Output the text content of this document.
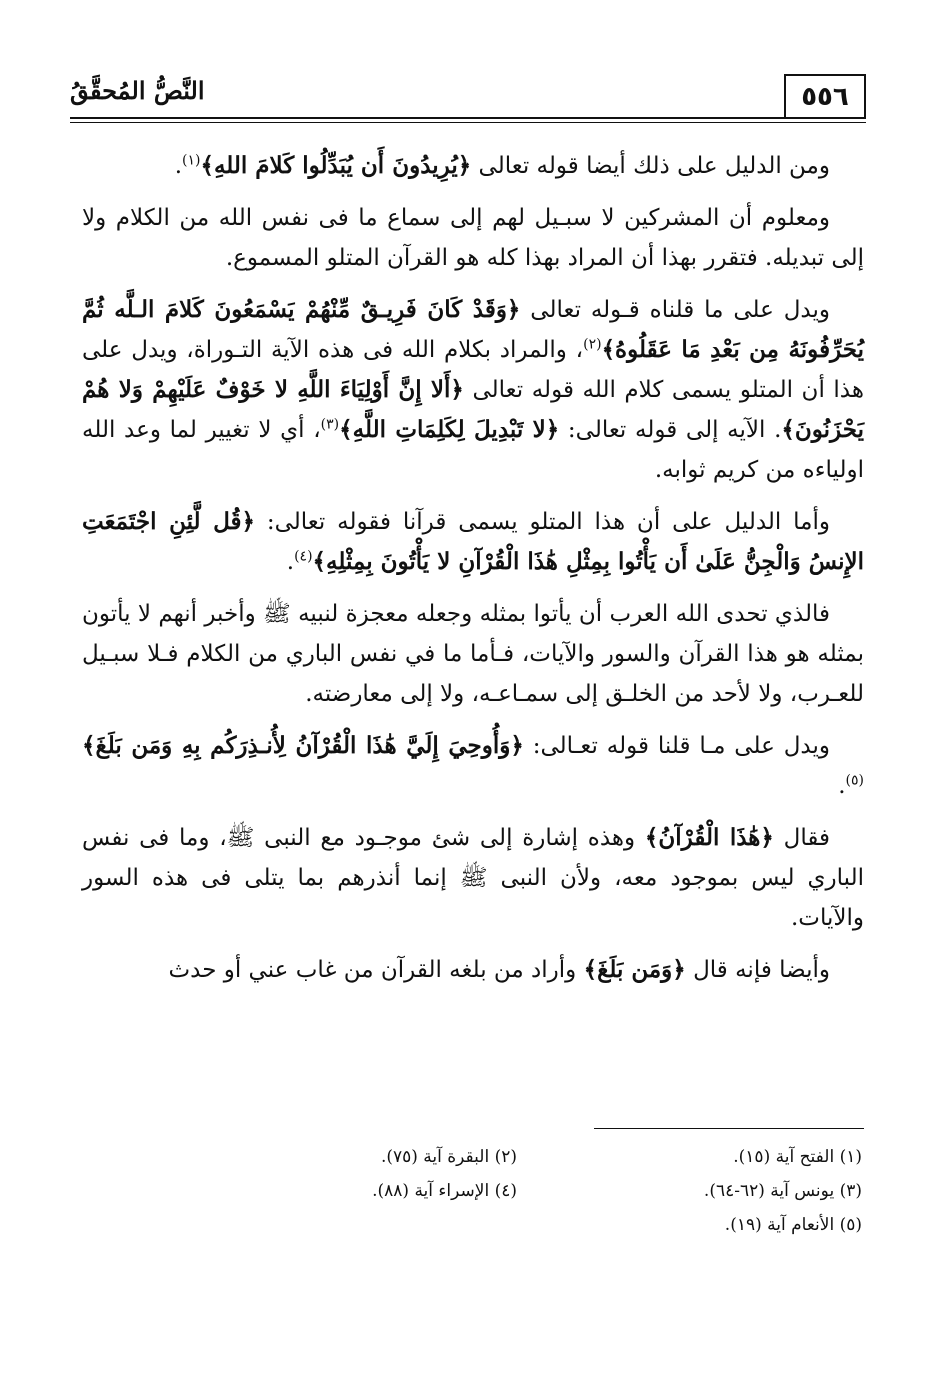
٥٥٦
النَّصُّ المُحقَّقُ

ومن الدليل على ذلك أيضا قوله تعالى ﴿يُرِيدُونَ أَن يُبَدِّلُوا كَلامَ اللهِ﴾$^{(١)}$.

ومعلوم أن المشركين لا سبـيل لهم إلى سماع ما فى نفس الله من الكلام ولا إلى تبديله. فتقرر بهذا أن المراد بهذا كله هو القرآن المتلو المسموع.

ويدل على ما قلناه قـوله تعالى ﴿وَقَدْ كَانَ فَرِيـقٌ مِّنْهُمْ يَسْمَعُونَ كَلامَ الـلَّه ثُمَّ يُحَرِّفُونَهُ مِن بَعْدِ مَا عَقَلُوهُ﴾$^{(٢)}$، والمراد بكلام الله فى هذه الآية التـوراة، ويدل على هذا أن المتلو يسمى كلام الله قوله تعالى ﴿أَلا إِنَّ أَوْلِيَاءَ اللَّهِ لا خَوْفٌ عَلَيْهِمْ وَلا هُمْ يَحْزَنُونَ﴾. الآيه إلى قوله تعالى: ﴿لا تَبْدِيلَ لِكَلِمَاتِ اللَّهِ﴾$^{(٣)}$، أي لا تغيير لما وعد الله اولياءه من كريم ثوابه.

وأما الدليل على أن هذا المتلو يسمى قرآنا فقوله تعالى: ﴿قُل لَّئِنِ اجْتَمَعَتِ الإِنسُ وَالْجِنُّ عَلَىٰ أَن يَأْتُوا بِمِثْلِ هَٰذَا الْقُرْآنِ لا يَأْتُونَ بِمِثْلِهِ﴾$^{(٤)}$.

فالذي تحدى الله العرب أن يأتوا بمثله وجعله معجزة لنبيه ﷺ وأخبر أنهم لا يأتون بمثله هو هذا القرآن والسور والآيات، فـأما ما في نفس الباري من الكلام فـلا سبـيل للعـرب، ولا لأحد من الخلـق إلى سمـاعـه، ولا إلى معارضته.

ويدل على مـا قلنا قوله تعـالى: ﴿وَأُوحِيَ إِلَيَّ هَٰذَا الْقُرْآنُ لِأُنـذِرَكُم بِهِ وَمَن بَلَغَ﴾$^{(٥)}$.

فقال ﴿هَٰذَا الْقُرْآنُ﴾ وهذه إشارة إلى شئ موجـود مع النبى ﷺ، وما فى نفس الباري ليس بموجود معه، ولأن النبى ﷺ إنما أنذرهم بما يتلى فى هذه السور والآيات.

وأيضا فإنه قال ﴿وَمَن بَلَغَ﴾ وأراد من بلغه القرآن من غاب عني أو حدث

(١) الفتح آية (١٥).
(٢) البقرة آية (٧٥).
(٣) يونس آية (٦٢-٦٤).
(٤) الإسراء آية (٨٨).
(٥) الأنعام آية (١٩).
